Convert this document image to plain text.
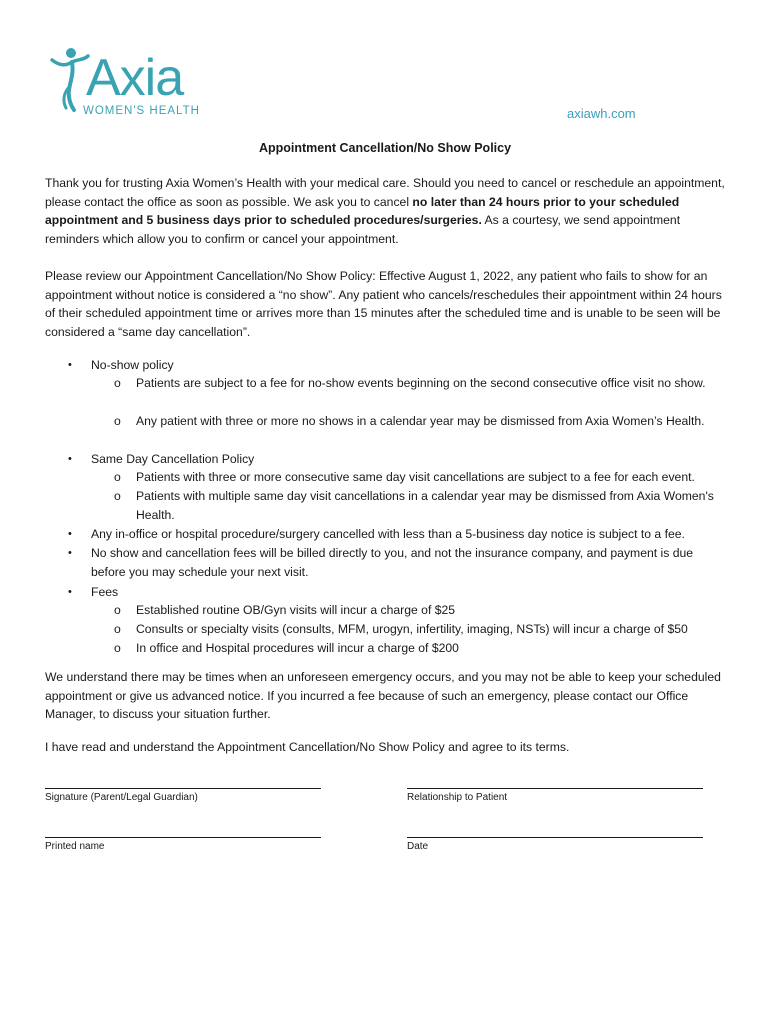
Axia
WOMEN'S HEALTH	axiawh.com
Appointment Cancellation/No Show Policy

Thank you for trusting Axia Women’s Health with your medical care. Should you need to cancel or reschedule an appointment, please contact the office as soon as possible. We ask you to cancel no later than 24 hours prior to your scheduled appointment and 5 business days prior to scheduled procedures/surgeries. As a courtesy, we send appointment reminders which allow you to confirm or cancel your appointment.

Please review our Appointment Cancellation/No Show Policy: Effective August 1, 2022, any patient who fails to show for an appointment without notice is considered a “no show”. Any patient who cancels/reschedules their appointment within 24 hours of their scheduled appointment time or arrives more than 15 minutes after the scheduled time and is unable to be seen will be considered a “same day cancellation”.

•	No-show policy

o Patients are subject to a fee for no-show events beginning on the second consecutive office visit no show.

o Any patient with three or more no shows in a calendar year may be dismissed from Axia Women’s Health.

•	Same Day Cancellation Policy

o Patients with three or more consecutive same day visit cancellations are subject to a fee for each event.

o Patients with multiple same day visit cancellations in a calendar year may be dismissed from Axia Women's Health.

•	Any in-office or hospital procedure/surgery cancelled with less than a 5-business day notice is subject to a fee.

•	No show and cancellation fees will be billed directly to you, and not the insurance company, and payment is due before you may schedule your next visit.

•	Fees

o Established routine OB/Gyn visits will incur a charge of $25

o Consults or specialty visits (consults, MFM, urogyn, infertility, imaging, NSTs) will incur a charge of $50

o In office and Hospital procedures will incur a charge of $200

We understand there may be times when an unforeseen emergency occurs, and you may not be able to keep your scheduled appointment or give us advanced notice. If you incurred a fee because of such an emergency, please contact our Office Manager, to discuss your situation further.

I have read and understand the Appointment Cancellation/No Show Policy and agree to its terms.

Signature (Parent/Legal Guardian)	Relationship to Patient
Printed name	Date
